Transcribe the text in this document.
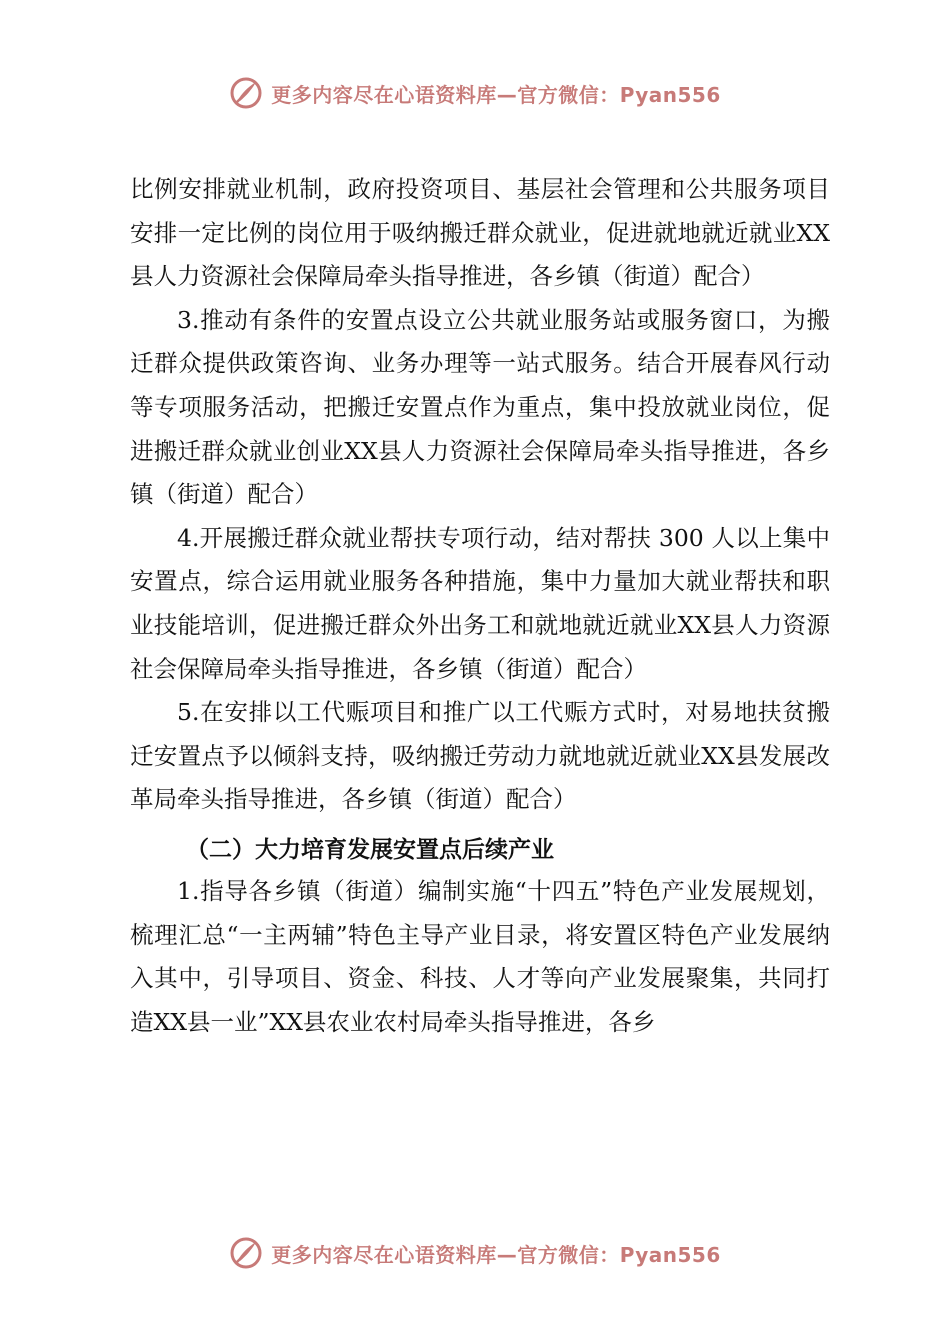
更多内容尽在心语资料库—官方微信：Pyan556

比例安排就业机制，政府投资项目、基层社会管理和公共服务项目安排一定比例的岗位用于吸纳搬迁群众就业，促进就地就近就业XX县人力资源社会保障局牵头指导推进，各乡镇（街道）配合）

3.推动有条件的安置点设立公共就业服务站或服务窗口，为搬迁群众提供政策咨询、业务办理等一站式服务。结合开展春风行动等专项服务活动，把搬迁安置点作为重点，集中投放就业岗位，促进搬迁群众就业创业XX县人力资源社会保障局牵头指导推进，各乡镇（街道）配合）

4.开展搬迁群众就业帮扶专项行动，结对帮扶 300 人以上集中安置点，综合运用就业服务各种措施，集中力量加大就业帮扶和职业技能培训，促进搬迁群众外出务工和就地就近就业XX县人力资源社会保障局牵头指导推进，各乡镇（街道）配合）

5.在安排以工代赈项目和推广以工代赈方式时，对易地扶贫搬迁安置点予以倾斜支持，吸纳搬迁劳动力就地就近就业XX县发展改革局牵头指导推进，各乡镇（街道）配合）

（二）大力培育发展安置点后续产业

1.指导各乡镇（街道）编制实施“十四五”特色产业发展规划，梳理汇总“一主两辅”特色主导产业目录，将安置区特色产业发展纳入其中，引导项目、资金、科技、人才等向产业发展聚集，共同打造XX县一业”XX县农业农村局牵头指导推进，各乡

更多内容尽在心语资料库—官方微信：Pyan556
